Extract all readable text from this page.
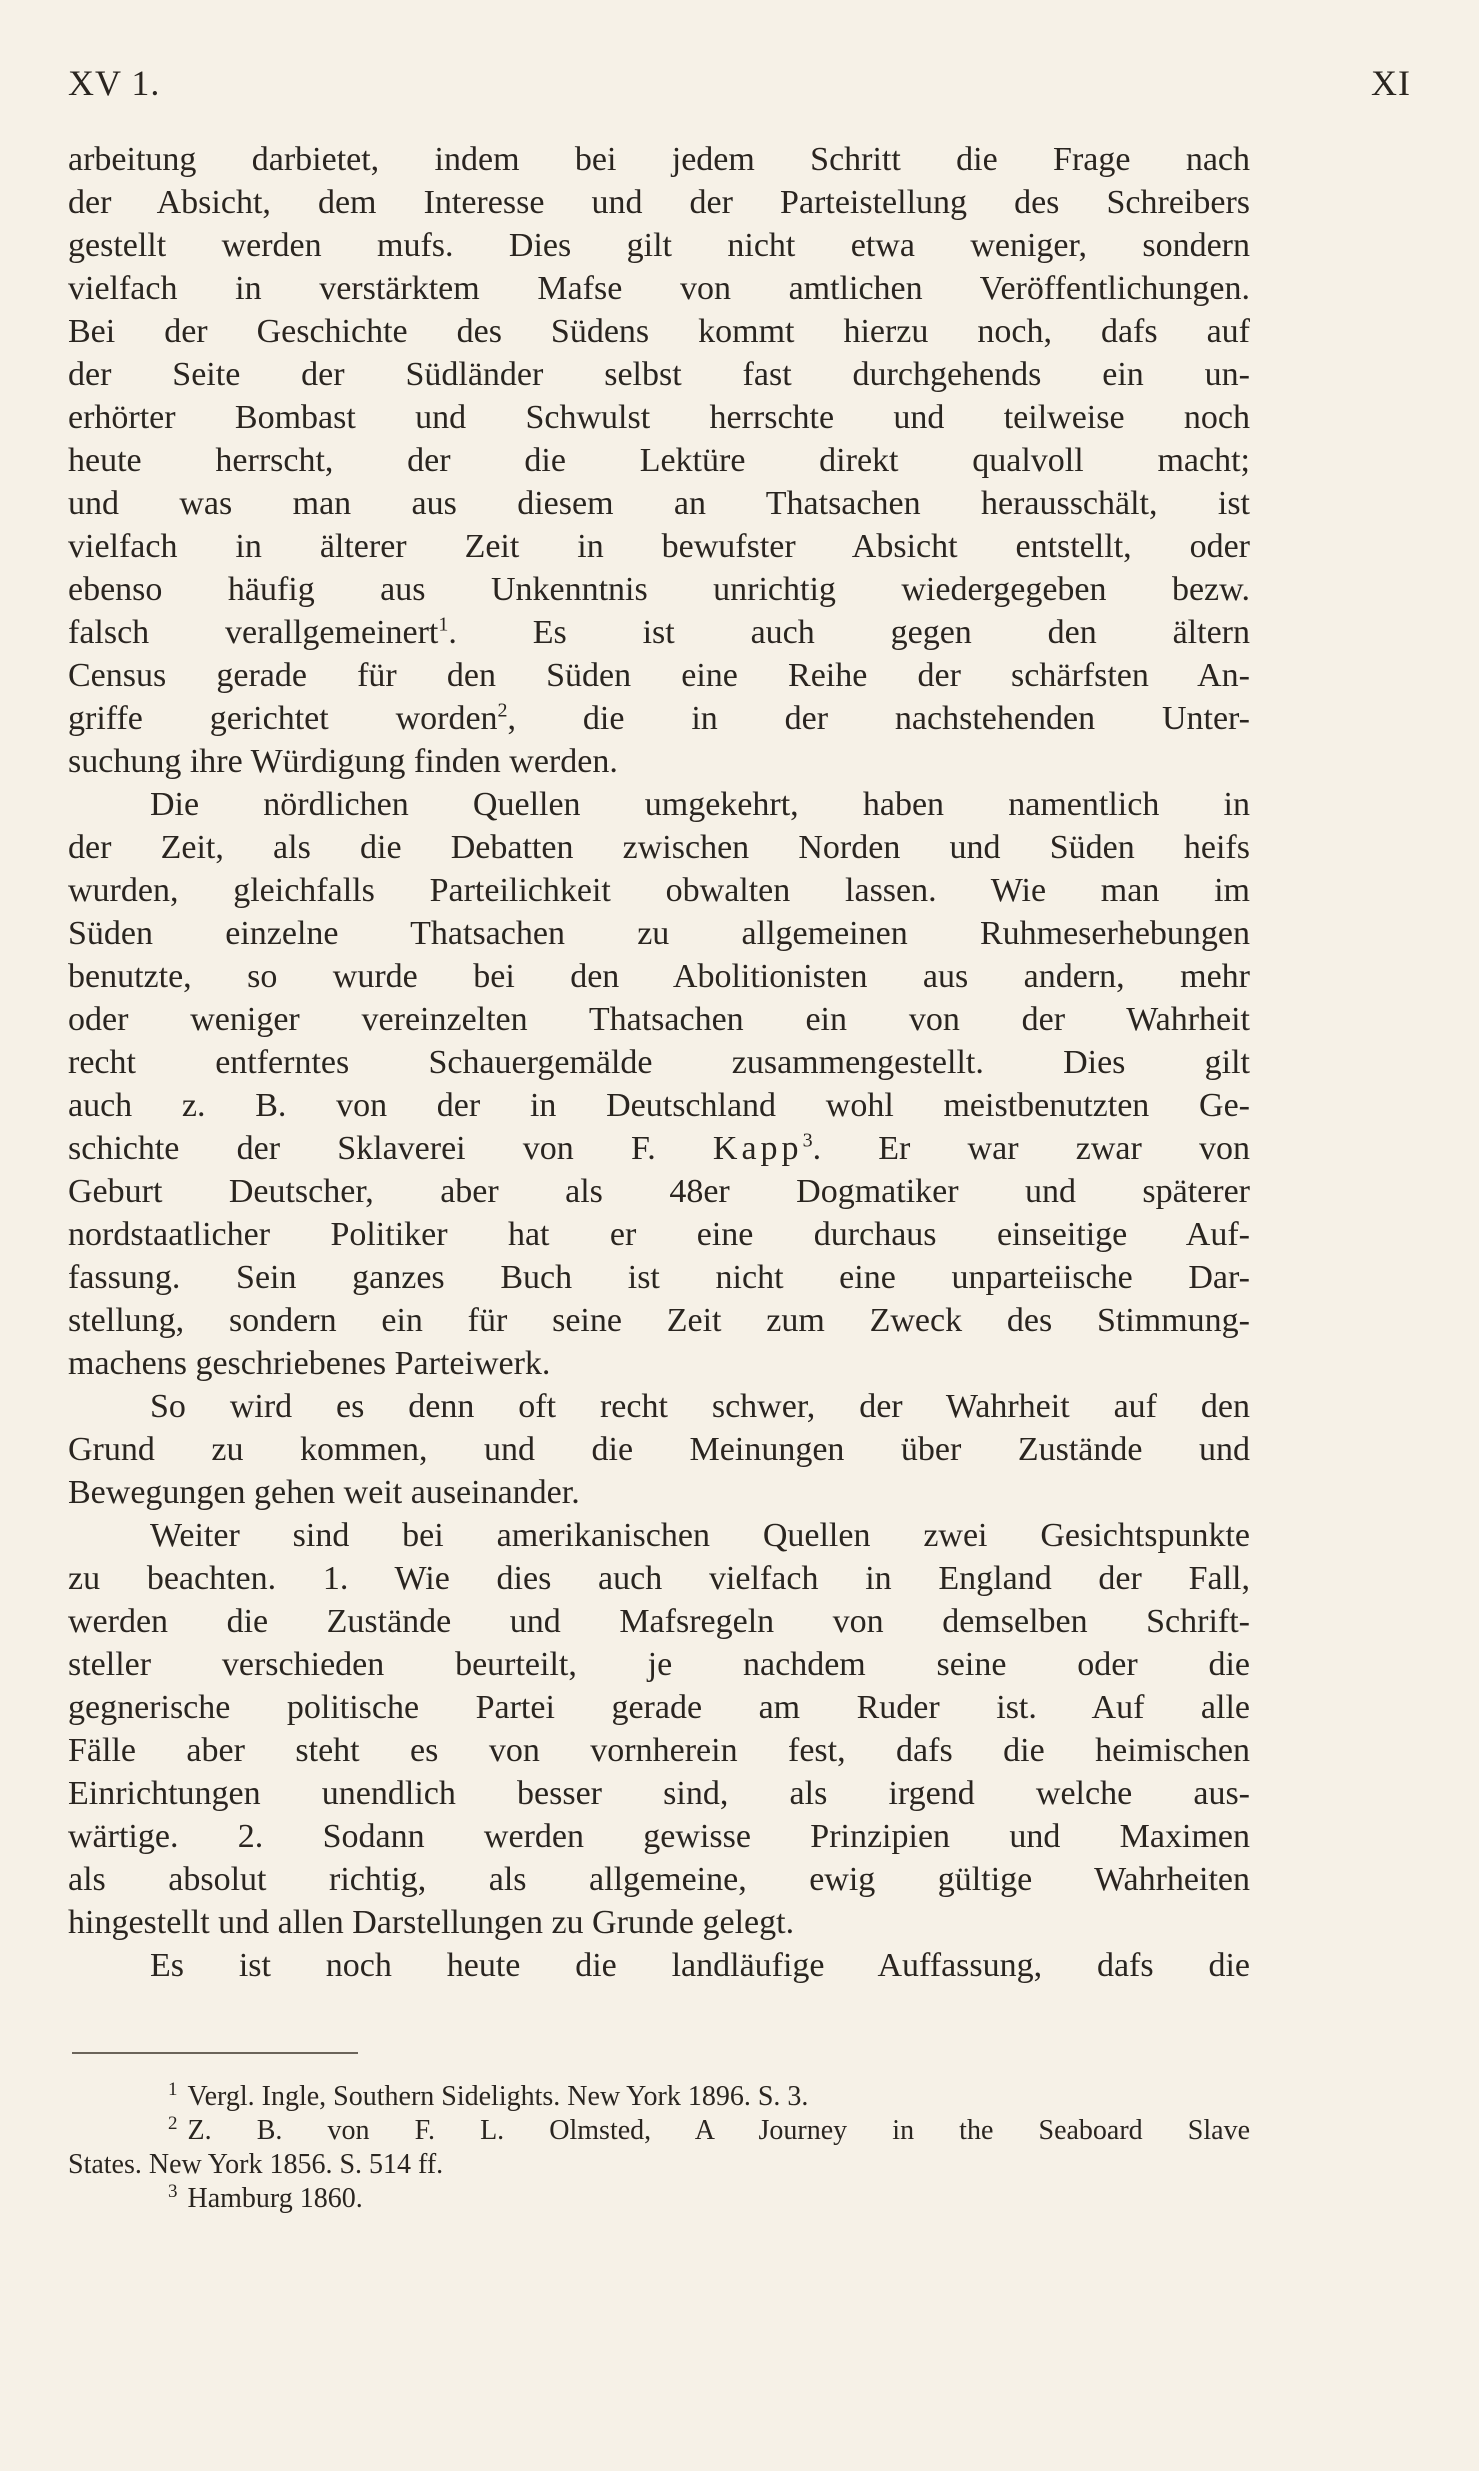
XV 1.	XI
arbeitung darbietet, indem bei jedem Schritt die Frage nach
der Absicht, dem Interesse und der Parteistellung des Schreibers
gestellt werden mufs. Dies gilt nicht etwa weniger, sondern
vielfach in verstärktem Mafse von amtlichen Veröffentlichungen.
Bei der Geschichte des Südens kommt hierzu noch, dafs auf
der Seite der Südländer selbst fast durchgehends ein un-
erhörter Bombast und Schwulst herrschte und teilweise noch
heute herrscht, der die Lektüre direkt qualvoll macht;
und was man aus diesem an Thatsachen herausschält, ist
vielfach in älterer Zeit in bewufster Absicht entstellt, oder
ebenso häufig aus Unkenntnis unrichtig wiedergegeben bezw.
falsch verallgemeinert$^1$. Es ist auch gegen den ältern
Census gerade für den Süden eine Reihe der schärfsten An-
griffe gerichtet worden$^2$, die in der nachstehenden Unter-
suchung ihre Würdigung finden werden.
Die nördlichen Quellen umgekehrt, haben namentlich in
der Zeit, als die Debatten zwischen Norden und Süden heifs
wurden, gleichfalls Parteilichkeit obwalten lassen. Wie man im
Süden einzelne Thatsachen zu allgemeinen Ruhmeserhebungen
benutzte, so wurde bei den Abolitionisten aus andern, mehr
oder weniger vereinzelten Thatsachen ein von der Wahrheit
recht entferntes Schauergemälde zusammengestellt. Dies gilt
auch z. B. von der in Deutschland wohl meistbenutzten Ge-
schichte der Sklaverei von F. Kapp$^3$. Er war zwar von
Geburt Deutscher, aber als 48er Dogmatiker und späterer
nordstaatlicher Politiker hat er eine durchaus einseitige Auf-
fassung. Sein ganzes Buch ist nicht eine unparteiische Dar-
stellung, sondern ein für seine Zeit zum Zweck des Stimmung-
machens geschriebenes Parteiwerk.
So wird es denn oft recht schwer, der Wahrheit auf den
Grund zu kommen, und die Meinungen über Zustände und
Bewegungen gehen weit auseinander.
Weiter sind bei amerikanischen Quellen zwei Gesichtspunkte
zu beachten. 1. Wie dies auch vielfach in England der Fall,
werden die Zustände und Mafsregeln von demselben Schrift-
steller verschieden beurteilt, je nachdem seine oder die
gegnerische politische Partei gerade am Ruder ist. Auf alle
Fälle aber steht es von vornherein fest, dafs die heimischen
Einrichtungen unendlich besser sind, als irgend welche aus-
wärtige. 2. Sodann werden gewisse Prinzipien und Maximen
als absolut richtig, als allgemeine, ewig gültige Wahrheiten
hingestellt und allen Darstellungen zu Grunde gelegt.
Es ist noch heute die landläufige Auffassung, dafs die
$^1$ Vergl. Ingle, Southern Sidelights. New York 1896. S. 3.
$^2$ Z. B. von F. L. Olmsted, A Journey in the Seaboard Slave
States. New York 1856. S. 514 ff.
$^3$ Hamburg 1860.
